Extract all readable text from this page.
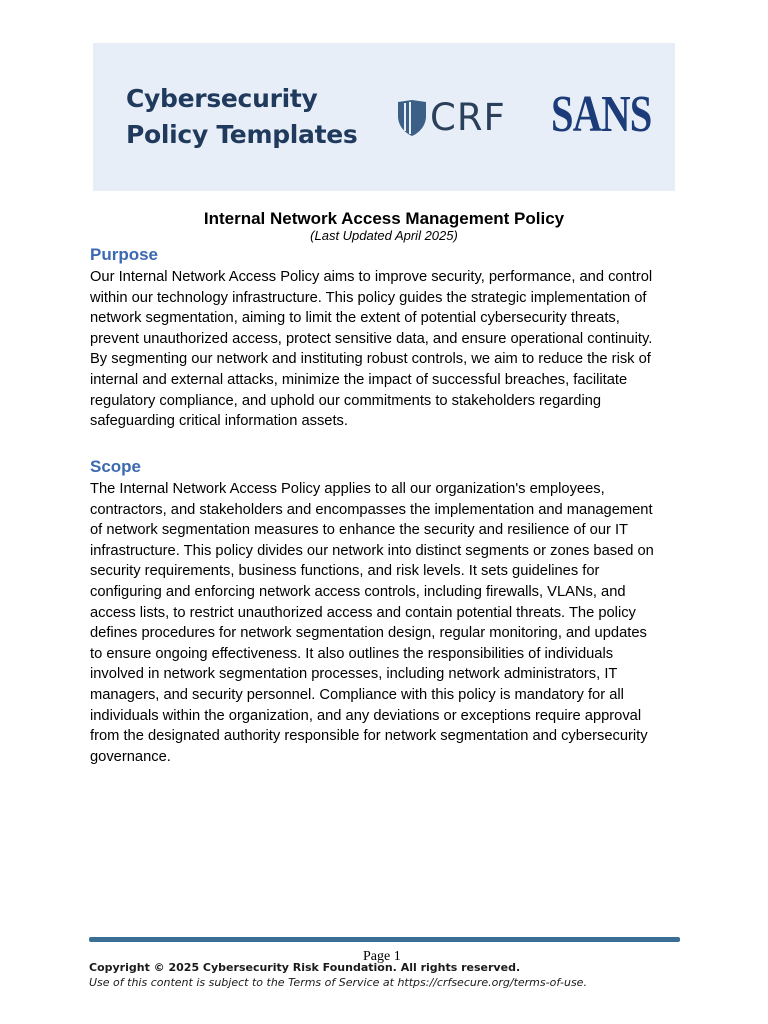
Cybersecurity
Policy Templates CRF SANS
Internal Network Access Management Policy
(Last Updated April 2025)
Purpose
Our Internal Network Access Policy aims to improve security, performance, and control
within our technology infrastructure. This policy guides the strategic implementation of
network segmentation, aiming to limit the extent of potential cybersecurity threats,
prevent unauthorized access, protect sensitive data, and ensure operational continuity.
By segmenting our network and instituting robust controls, we aim to reduce the risk of
internal and external attacks, minimize the impact of successful breaches, facilitate
regulatory compliance, and uphold our commitments to stakeholders regarding
safeguarding critical information assets.
Scope
The Internal Network Access Policy applies to all our organization's employees,
contractors, and stakeholders and encompasses the implementation and management
of network segmentation measures to enhance the security and resilience of our IT
infrastructure. This policy divides our network into distinct segments or zones based on
security requirements, business functions, and risk levels. It sets guidelines for
configuring and enforcing network access controls, including firewalls, VLANs, and
access lists, to restrict unauthorized access and contain potential threats. The policy
defines procedures for network segmentation design, regular monitoring, and updates
to ensure ongoing effectiveness. It also outlines the responsibilities of individuals
involved in network segmentation processes, including network administrators, IT
managers, and security personnel. Compliance with this policy is mandatory for all
individuals within the organization, and any deviations or exceptions require approval
from the designated authority responsible for network segmentation and cybersecurity
governance.
Page 1
Copyright © 2025 Cybersecurity Risk Foundation. All rights reserved.
Use of this content is subject to the Terms of Service at https://crfsecure.org/terms-of-use.
